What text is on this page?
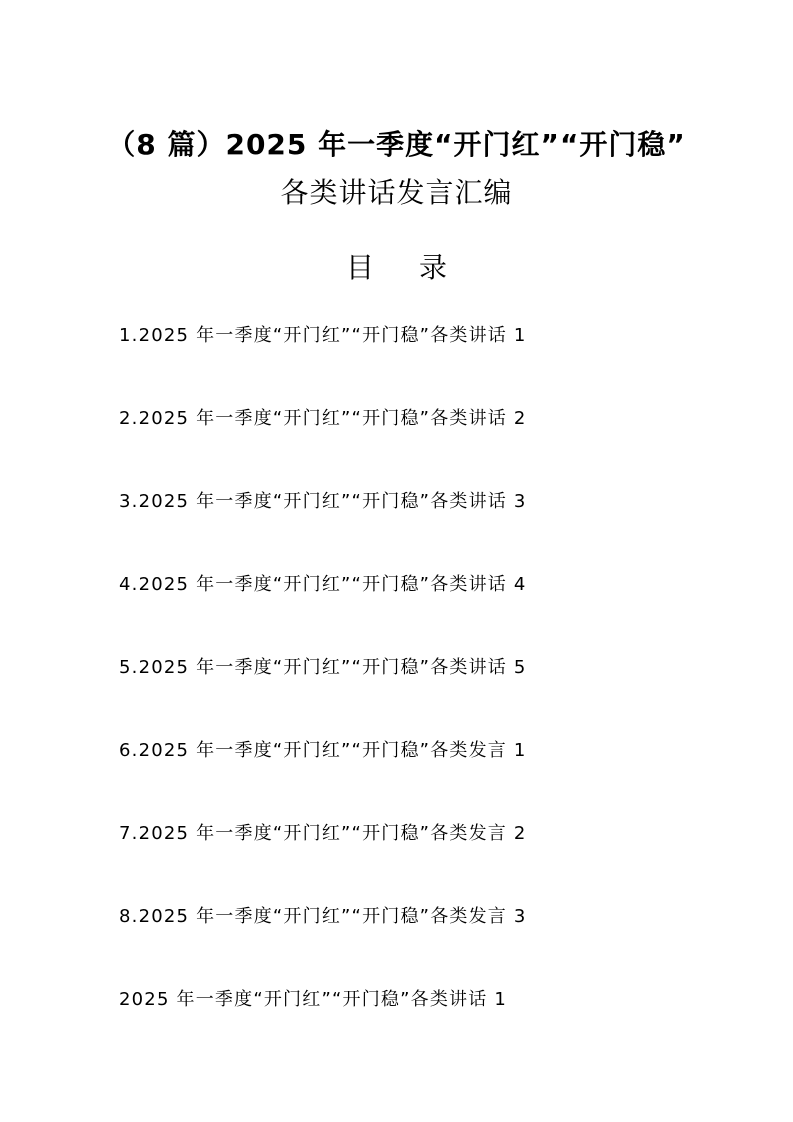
（8 篇）2025 年一季度“开门红”“开门稳”
各类讲话发言汇编
目 录
1.2025 年一季度“开门红”“开门稳”各类讲话 1
2.2025 年一季度“开门红”“开门稳”各类讲话 2
3.2025 年一季度“开门红”“开门稳”各类讲话 3
4.2025 年一季度“开门红”“开门稳”各类讲话 4
5.2025 年一季度“开门红”“开门稳”各类讲话 5
6.2025 年一季度“开门红”“开门稳”各类发言 1
7.2025 年一季度“开门红”“开门稳”各类发言 2
8.2025 年一季度“开门红”“开门稳”各类发言 3
2025 年一季度“开门红”“开门稳”各类讲话 1
